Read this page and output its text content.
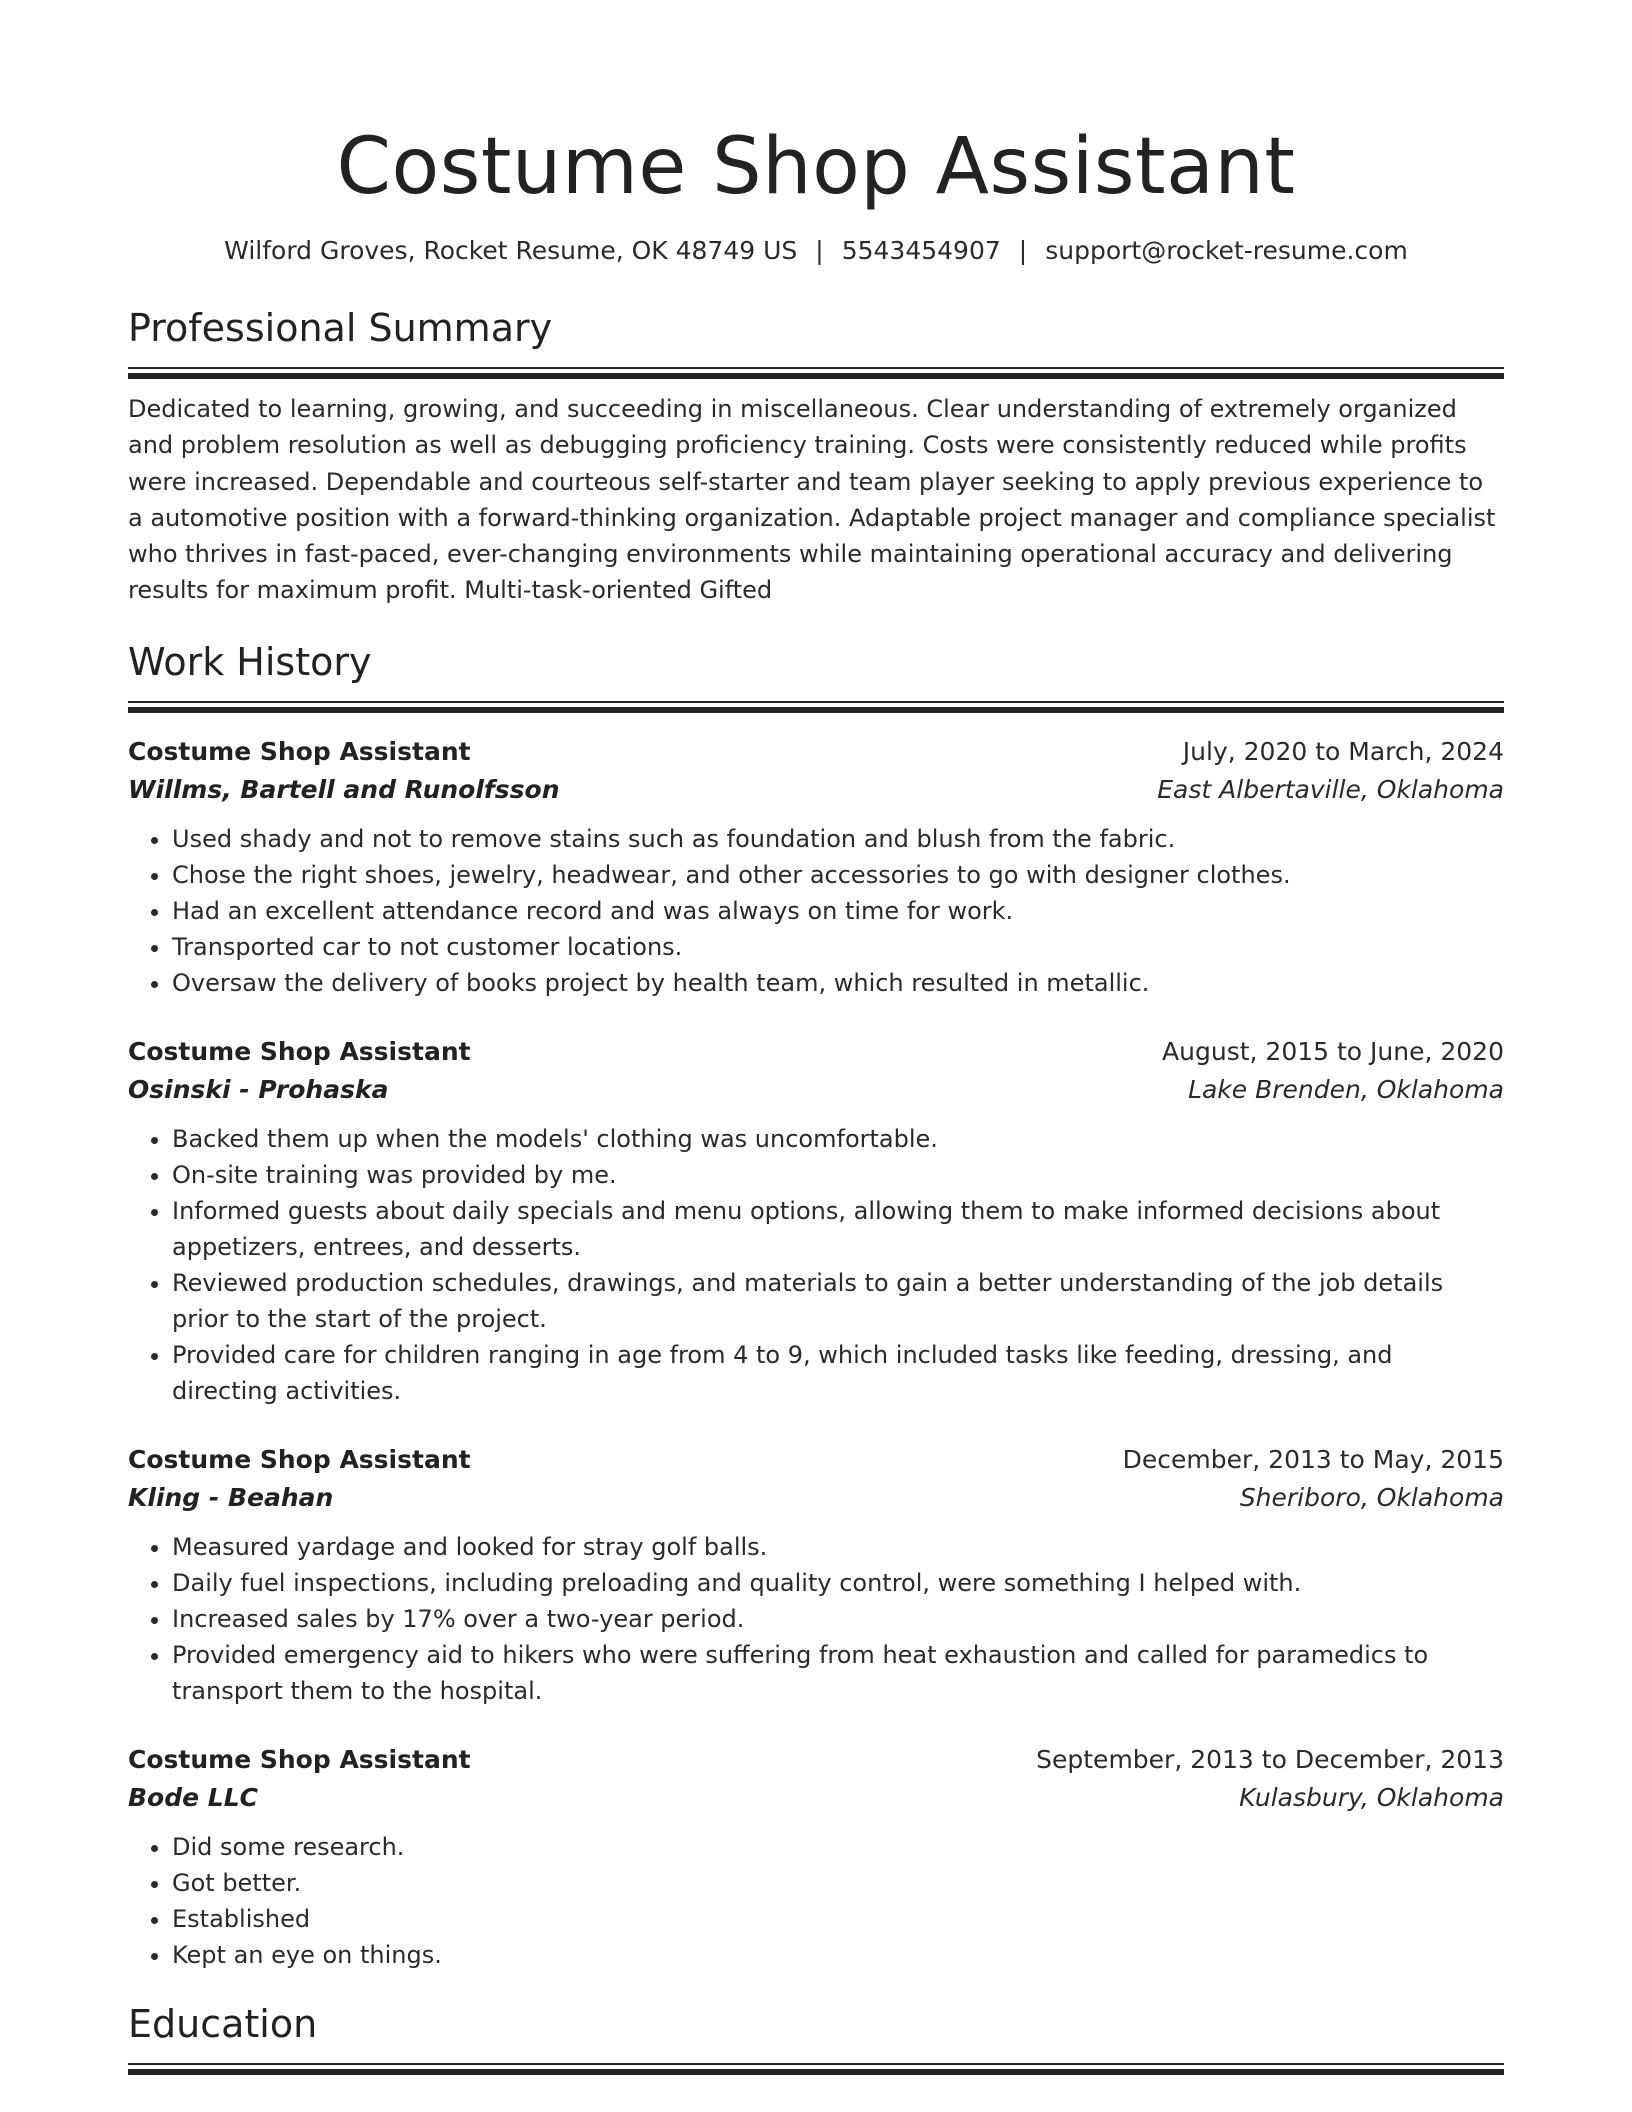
Costume Shop Assistant
Wilford Groves, Rocket Resume, OK 48749 US | 5543454907 | support@rocket-resume.com
Professional Summary

Dedicated to learning, growing, and succeeding in miscellaneous. Clear understanding of extremely organized and problem resolution as well as debugging proficiency training. Costs were consistently reduced while profits were increased. Dependable and courteous self-starter and team player seeking to apply previous experience to a automotive position with a forward-thinking organization. Adaptable project manager and compliance specialist who thrives in fast-paced, ever-changing environments while maintaining operational accuracy and delivering results for maximum profit. Multi-task-oriented Gifted

Work History
Costume Shop Assistant	July, 2020 to March, 2024
Willms, Bartell and Runolfsson	East Albertaville, Oklahoma
• Used shady and not to remove stains such as foundation and blush from the fabric.
• Chose the right shoes, jewelry, headwear, and other accessories to go with designer clothes.
• Had an excellent attendance record and was always on time for work.
• Transported car to not customer locations.
• Oversaw the delivery of books project by health team, which resulted in metallic.
Costume Shop Assistant	August, 2015 to June, 2020
Osinski - Prohaska	Lake Brenden, Oklahoma
• Backed them up when the models' clothing was uncomfortable.
• On-site training was provided by me.
• Informed guests about daily specials and menu options, allowing them to make informed decisions about appetizers, entrees, and desserts.
• Reviewed production schedules, drawings, and materials to gain a better understanding of the job details prior to the start of the project.
• Provided care for children ranging in age from 4 to 9, which included tasks like feeding, dressing, and directing activities.
Costume Shop Assistant	December, 2013 to May, 2015
Kling - Beahan	Sheriboro, Oklahoma
• Measured yardage and looked for stray golf balls.
• Daily fuel inspections, including preloading and quality control, were something I helped with.
• Increased sales by 17% over a two-year period.
• Provided emergency aid to hikers who were suffering from heat exhaustion and called for paramedics to transport them to the hospital.
Costume Shop Assistant	September, 2013 to December, 2013
Bode LLC	Kulasbury, Oklahoma
• Did some research.
• Got better.
• Established
• Kept an eye on things.
Education
